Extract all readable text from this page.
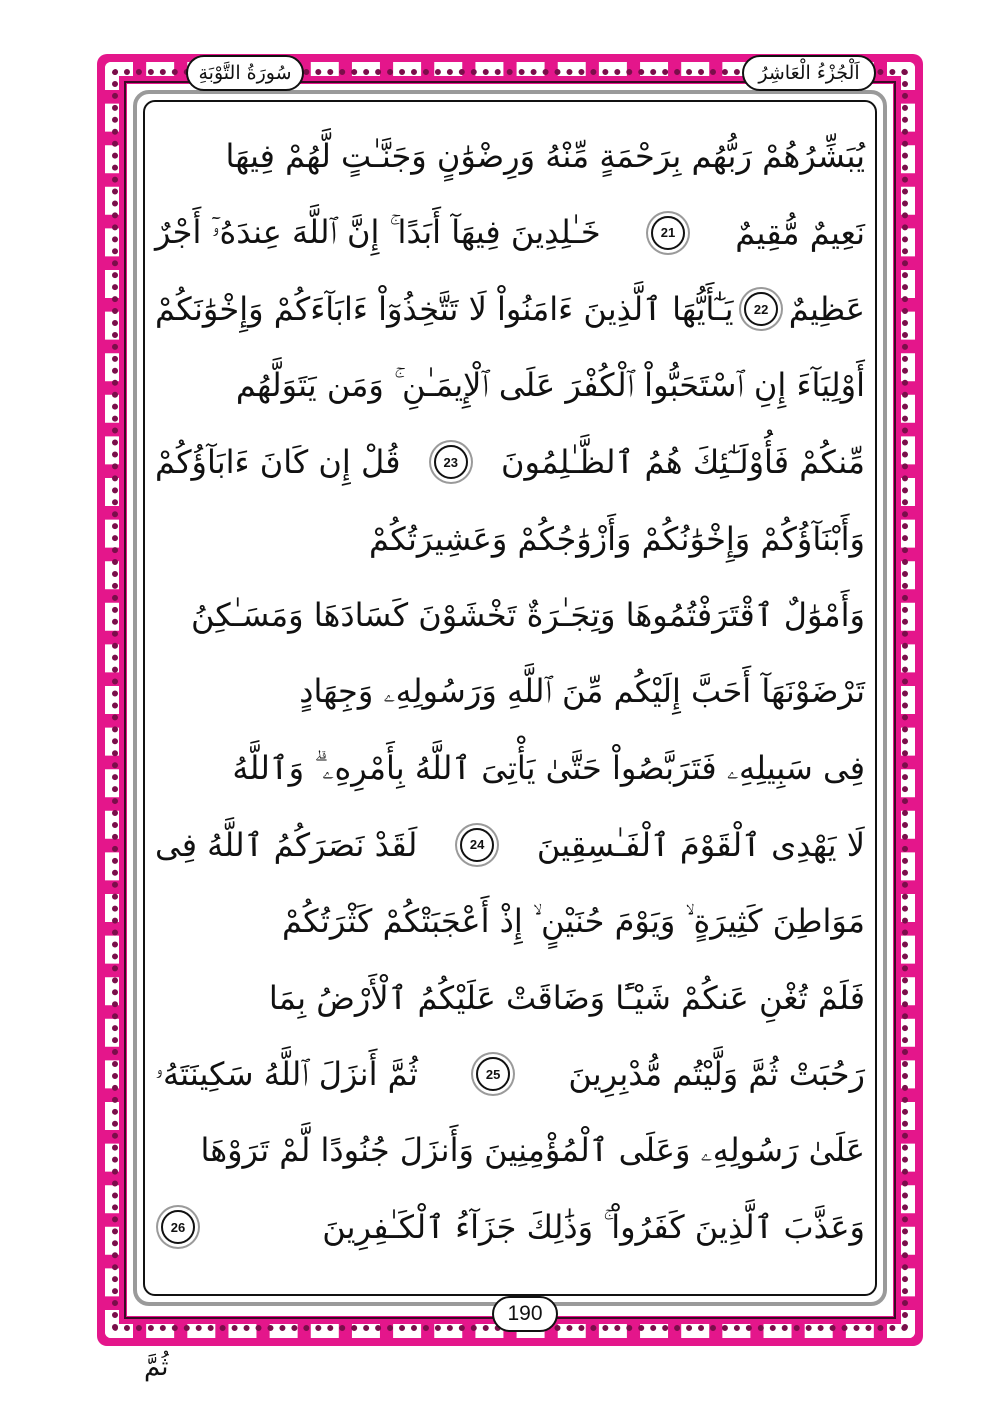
سُورَةُ التَّوْبَةِ	اَلْجُزْءُ الْعَاشِرُ
يُبَشِّرُهُمْ رَبُّهُم بِرَحْمَةٍ مِّنْهُ وَرِضْوَٰنٍ وَجَنَّـٰتٍ لَّهُمْ فِيهَا
نَعِيمٌ مُّقِيمٌ
21
خَـٰلِدِينَ فِيهَآ أَبَدًا ۚ إِنَّ ٱللَّهَ عِندَهُۥٓ أَجْرٌ
عَظِيمٌ
22
يَـٰٓأَيُّهَا ٱلَّذِينَ ءَامَنُواْ لَا تَتَّخِذُوٓاْ ءَابَآءَكُمْ وَإِخْوَٰنَكُمْ
أَوْلِيَآءَ إِنِ ٱسْتَحَبُّواْ ٱلْكُفْرَ عَلَى ٱلْإِيمَـٰنِ ۚ وَمَن يَتَوَلَّهُم
مِّنكُمْ فَأُوْلَـٰٓئِكَ هُمُ ٱلظَّـٰلِمُونَ
23
قُلْ إِن كَانَ ءَابَآؤُكُمْ
وَأَبْنَآؤُكُمْ وَإِخْوَٰنُكُمْ وَأَزْوَٰجُكُمْ وَعَشِيرَتُكُمْ
وَأَمْوَٰلٌ ٱقْتَرَفْتُمُوهَا وَتِجَـٰرَةٌ تَخْشَوْنَ كَسَادَهَا وَمَسَـٰكِنُ
تَرْضَوْنَهَآ أَحَبَّ إِلَيْكُم مِّنَ ٱللَّهِ وَرَسُولِهِۦ وَجِهَادٍ
فِى سَبِيلِهِۦ فَتَرَبَّصُواْ حَتَّىٰ يَأْتِىَ ٱللَّهُ بِأَمْرِهِۦ ۗ وَٱللَّهُ
لَا يَهْدِى ٱلْقَوْمَ ٱلْفَـٰسِقِينَ
24
لَقَدْ نَصَرَكُمُ ٱللَّهُ فِى
مَوَاطِنَ كَثِيرَةٍ ۙ وَيَوْمَ حُنَيْنٍ ۙ إِذْ أَعْجَبَتْكُمْ كَثْرَتُكُمْ
فَلَمْ تُغْنِ عَنكُمْ شَيْـًٔا وَضَاقَتْ عَلَيْكُمُ ٱلْأَرْضُ بِمَا
رَحُبَتْ ثُمَّ وَلَّيْتُم مُّدْبِرِينَ
25
ثُمَّ أَنزَلَ ٱللَّهُ سَكِينَتَهُۥ
عَلَىٰ رَسُولِهِۦ وَعَلَى ٱلْمُؤْمِنِينَ وَأَنزَلَ جُنُودًا لَّمْ تَرَوْهَا
وَعَذَّبَ ٱلَّذِينَ كَفَرُواْ ۚ وَذَٰلِكَ جَزَآءُ ٱلْكَـٰفِرِينَ
26
190
ثُمَّ
